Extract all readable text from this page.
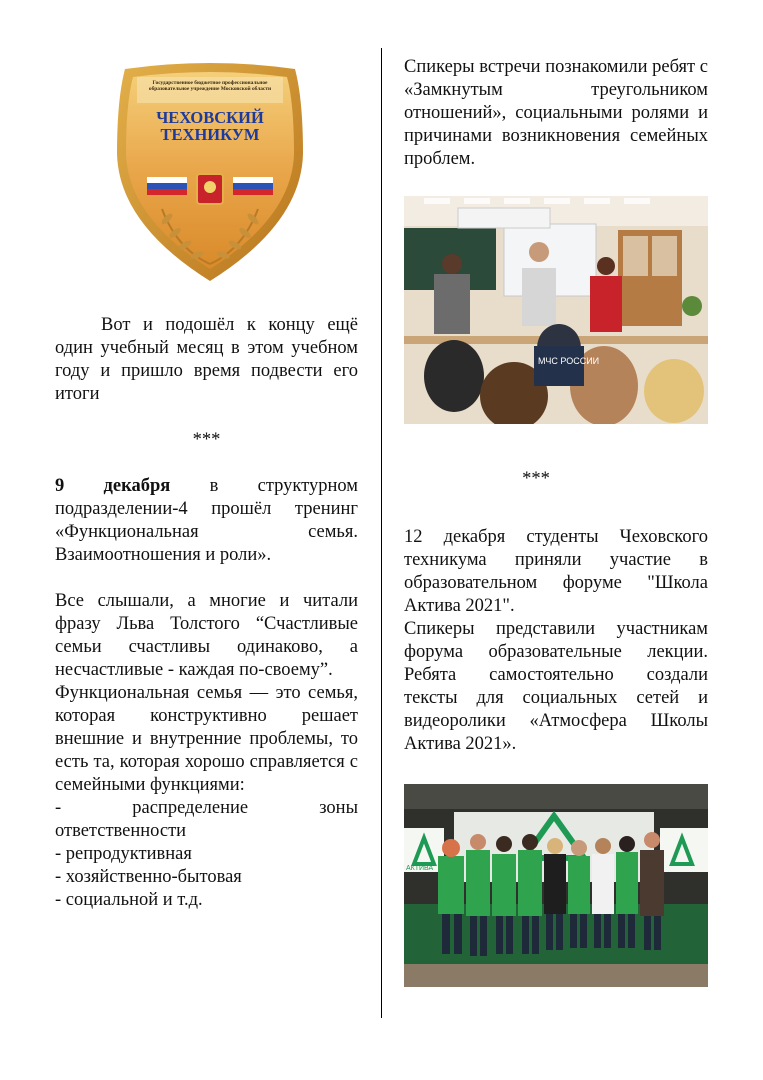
Государственное бюджетное профессиональное образовательное учреждение Московской области
ЧЕХОВСКИЙ
ТЕХНИКУМ

Вот и подошёл к концу ещё один учебный месяц в этом учебном году и пришло время подвести его итоги

***

9 декабря в структурном подразделении-4 прошёл тренинг «Функциональная семья. Взаимоотношения и роли».

Все слышали, а многие и читали фразу Льва Толстого “Счастливые семьи счастливы одинаково, а несчастливые - каждая по-своему”.

Функциональная семья — это семья, которая конструктивно решает внешние и внутренние проблемы, то есть та, которая хорошо справляется с семейными функциями:

- распределение зоны ответственности

- репродуктивная

- хозяйственно-бытовая

- социальной и т.д.

Спикеры встречи познакомили ребят с «Замкнутым треугольником отношений», социальными ролями и причинами возникновения семейных проблем.

МЧС РОССИИ

***

12 декабря студенты Чеховского техникума приняли участие в образовательном форуме "Школа Актива 2021".

Спикеры представили участникам форума образовательные лекции. Ребята самостоятельно создали тексты для социальных сетей и видеоролики «Атмосфера Школы Актива 2021».

АКТИВА
